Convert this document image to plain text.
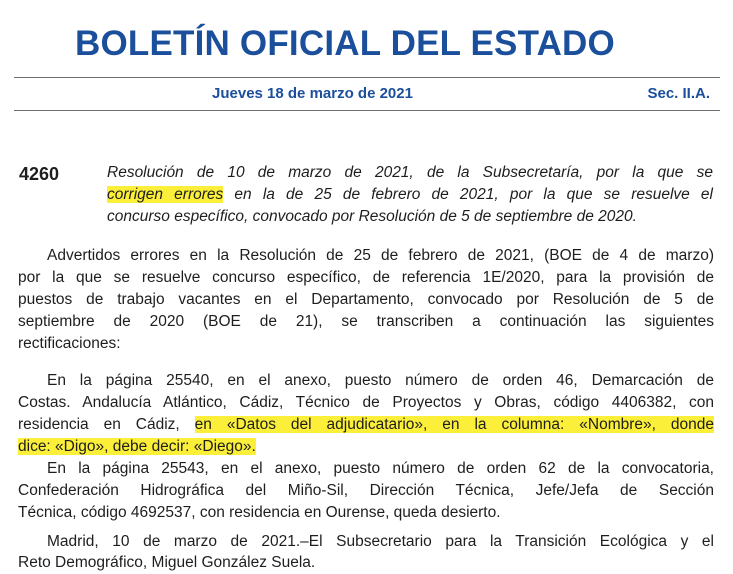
BOLETÍN OFICIAL DEL ESTADO
Jueves 18 de marzo de 2021	Sec. II.A.
4260	Resolución de 10 de marzo de 2021, de la Subsecretaría, por la que se
corrigen errores en la de 25 de febrero de 2021, por la que se resuelve el
concurso específico, convocado por Resolución de 5 de septiembre de 2020.
Advertidos errores en la Resolución de 25 de febrero de 2021, (BOE de 4 de marzo)
por la que se resuelve concurso específico, de referencia 1E/2020, para la provisión de
puestos de trabajo vacantes en el Departamento, convocado por Resolución de 5 de
septiembre de 2020 (BOE de 21), se transcriben a continuación las siguientes
rectificaciones:
En la página 25540, en el anexo, puesto número de orden 46, Demarcación de
Costas. Andalucía Atlántico, Cádiz, Técnico de Proyectos y Obras, código 4406382, con
residencia en Cádiz, en «Datos del adjudicatario», en la columna: «Nombre», donde
dice: «Digo», debe decir: «Diego».
En la página 25543, en el anexo, puesto número de orden 62 de la convocatoria,
Confederación Hidrográfica del Miño-Sil, Dirección Técnica, Jefe/Jefa de Sección
Técnica, código 4692537, con residencia en Ourense, queda desierto.
Madrid, 10 de marzo de 2021.–El Subsecretario para la Transición Ecológica y el
Reto Demográfico, Miguel González Suela.
